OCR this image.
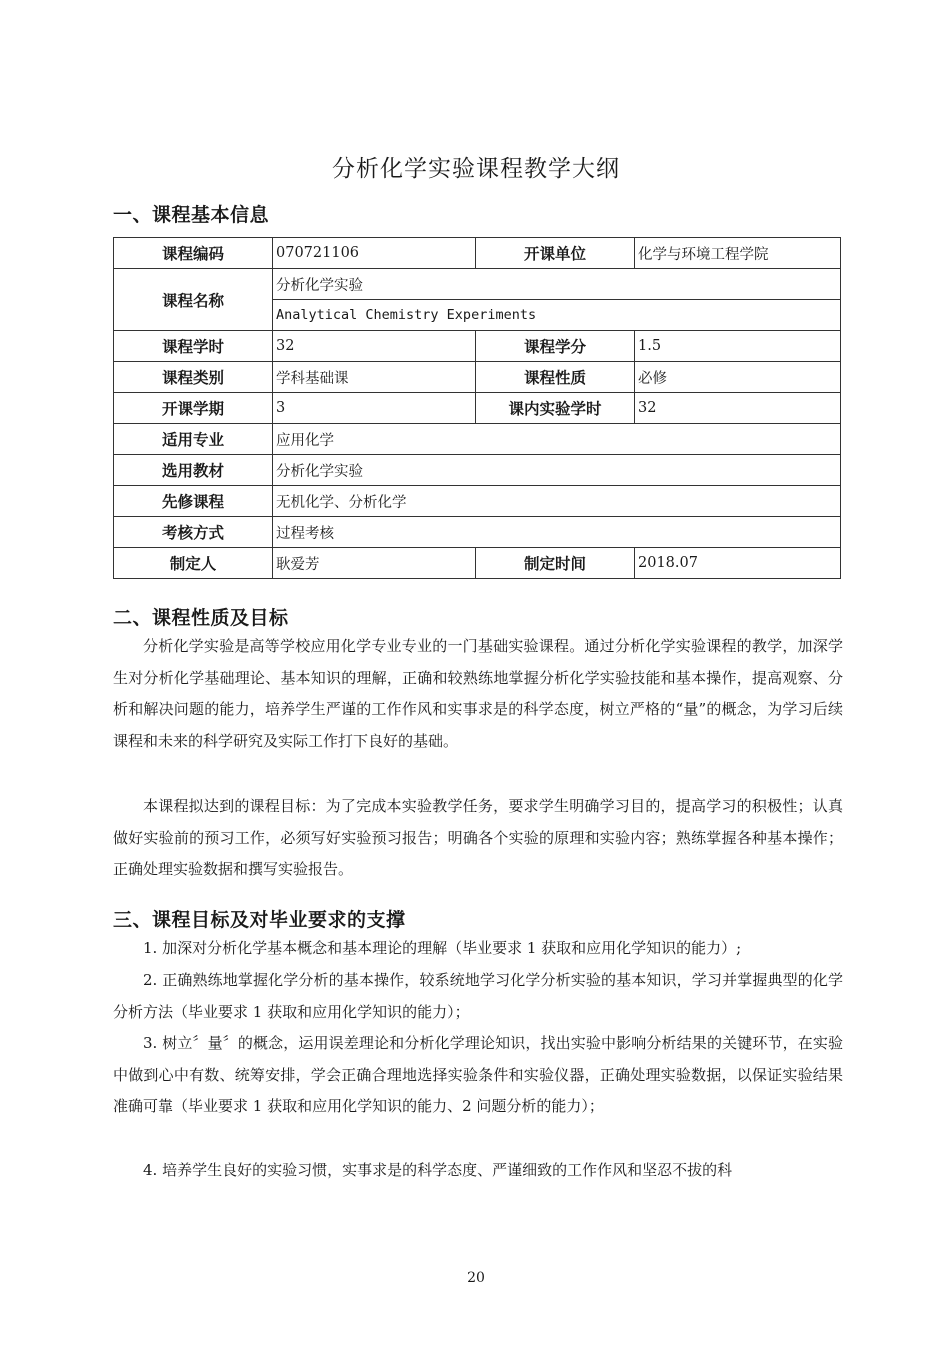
分析化学实验课程教学大纲
一、课程基本信息
课程编码	070721106	开课单位	化学与环境工程学院
课程名称	分析化学实验		
	Analytical Chemistry Experiments		
课程学时	32	课程学分	1.5
课程类别	学科基础课	课程性质	必修
开课学期	3	课内实验学时	32
适用专业	应用化学		
选用教材	分析化学实验		
先修课程	无机化学、分析化学		
考核方式	过程考核		
制定人	耿爱芳	制定时间	2018.07
二、课程性质及目标

分析化学实验是高等学校应用化学专业专业的一门基础实验课程。通过分析化学实验课程的教学，加深学生对分析化学基础理论、基本知识的理解，正确和较熟练地掌握分析化学实验技能和基本操作，提高观察、分析和解决问题的能力，培养学生严谨的工作作风和实事求是的科学态度，树立严格的“量”的概念，为学习后续课程和未来的科学研究及实际工作打下良好的基础。

本课程拟达到的课程目标：为了完成本实验教学任务，要求学生明确学习目的，提高学习的积极性；认真做好实验前的预习工作，必须写好实验预习报告；明确各个实验的原理和实验内容；熟练掌握各种基本操作；正确处理实验数据和撰写实验报告。

三、课程目标及对毕业要求的支撑

1. 加深对分析化学基本概念和基本理论的理解（毕业要求 1 获取和应用化学知识的能力）;

2. 正确熟练地掌握化学分析的基本操作，较系统地学习化学分析实验的基本知识，学习并掌握典型的化学分析方法（毕业要求 1 获取和应用化学知识的能力）；

3. 树立〞量〞的概念，运用误差理论和分析化学理论知识，找出实验中影响分析结果的关键环节，在实验中做到心中有数、统筹安排，学会正确合理地选择实验条件和实验仪器，正确处理实验数据，以保证实验结果准确可靠（毕业要求 1 获取和应用化学知识的能力、2 问题分析的能力）；

4. 培养学生良好的实验习惯，实事求是的科学态度、严谨细致的工作作风和坚忍不拔的科

20
